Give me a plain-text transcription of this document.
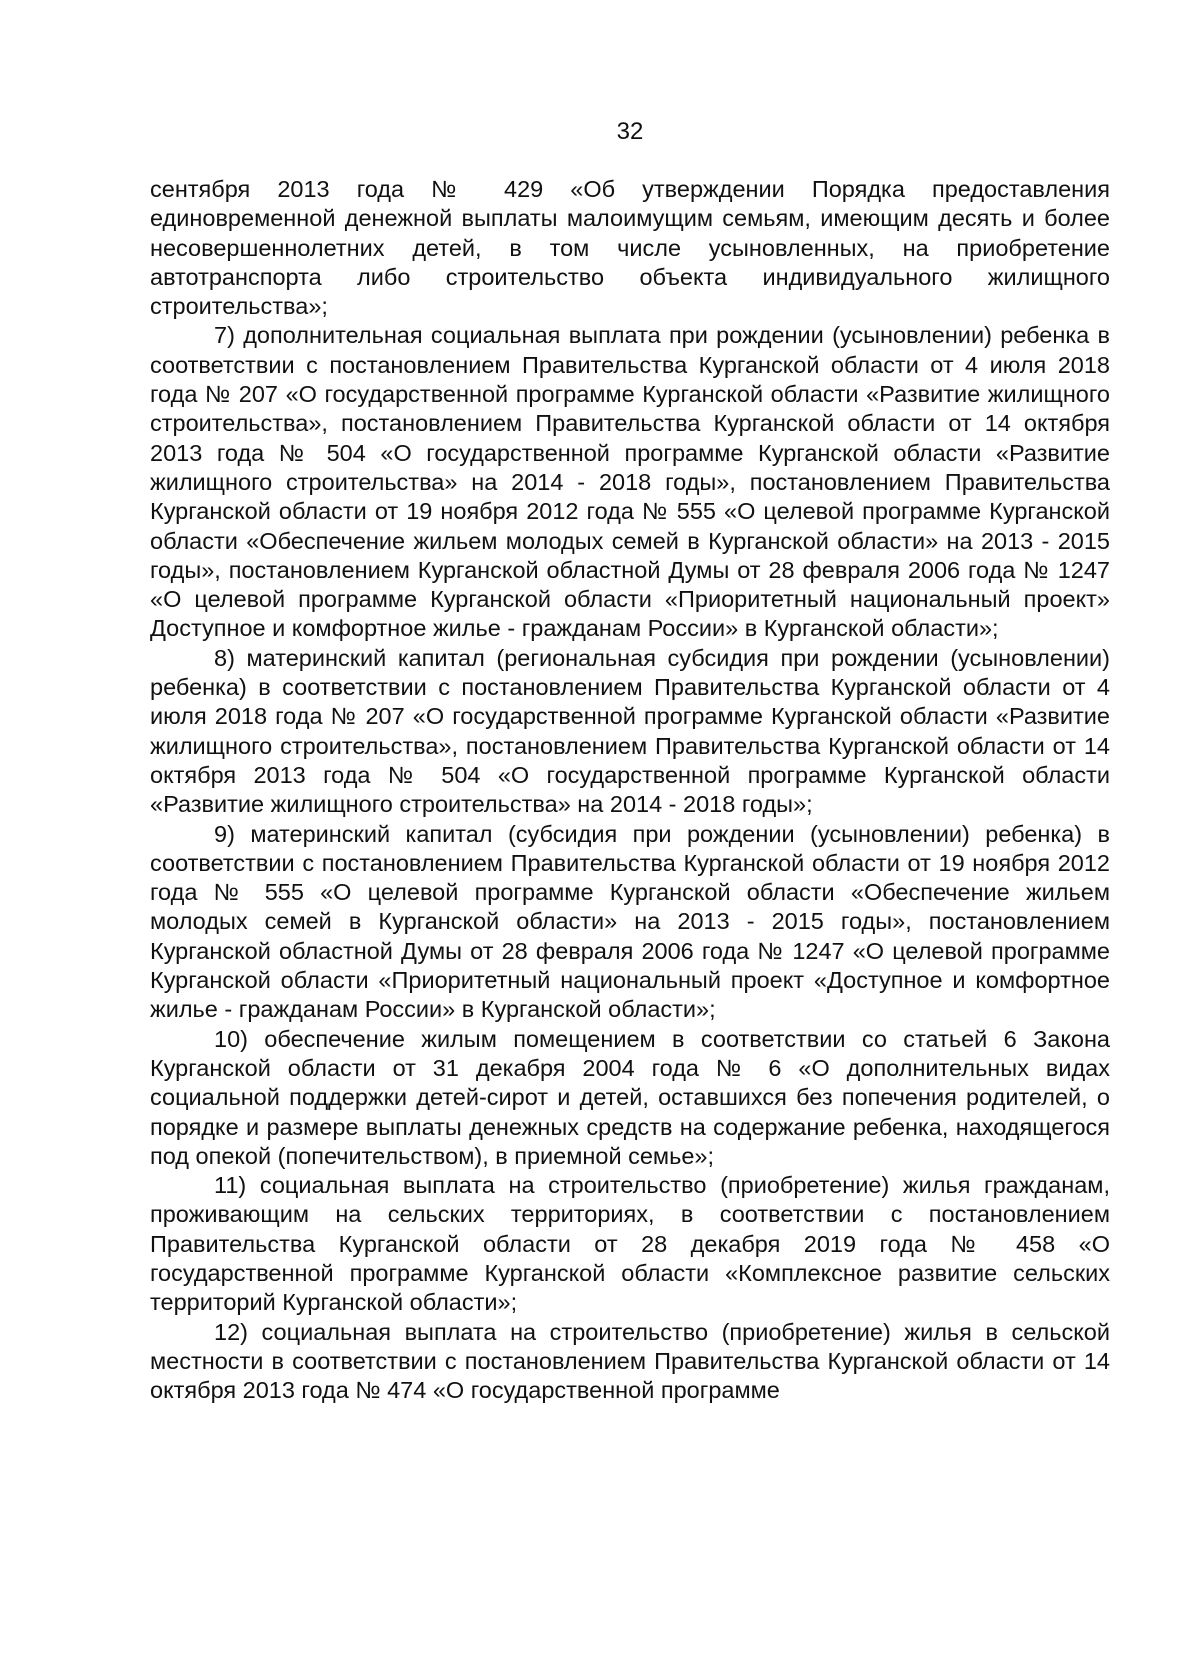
32

сентября 2013 года № 429 «Об утверждении Порядка предоставления единовременной денежной выплаты малоимущим семьям, имеющим десять и более несовершеннолетних детей, в том числе усыновленных, на приобретение автотранспорта либо строительство объекта индивидуального жилищного строительства»;

7) дополнительная социальная выплата при рождении (усыновлении) ребенка в соответствии с постановлением Правительства Курганской области от 4 июля 2018 года № 207 «О государственной программе Курганской области «Развитие жилищного строительства», постановлением Правительства Курганской области от 14 октября 2013 года № 504 «О государственной программе Курганской области «Развитие жилищного строительства» на 2014 - 2018 годы», постановлением Правительства Курганской области от 19 ноября 2012 года № 555 «О целевой программе Курганской области «Обеспечение жильем молодых семей в Курганской области» на 2013 - 2015 годы», постановлением Курганской областной Думы от 28 февраля 2006 года № 1247 «О целевой программе Курганской области «Приоритетный национальный проект» Доступное и комфортное жилье - гражданам России» в Курганской области»;

8) материнский капитал (региональная субсидия при рождении (усыновлении) ребенка) в соответствии с постановлением Правительства Курганской области от 4 июля 2018 года № 207 «О государственной программе Курганской области «Развитие жилищного строительства», постановлением Правительства Курганской области от 14 октября 2013 года № 504 «О государственной программе Курганской области «Развитие жилищного строительства» на 2014 - 2018 годы»;

9) материнский капитал (субсидия при рождении (усыновлении) ребенка) в соответствии с постановлением Правительства Курганской области от 19 ноября 2012 года № 555 «О целевой программе Курганской области «Обеспечение жильем молодых семей в Курганской области» на 2013 - 2015 годы», постановлением Курганской областной Думы от 28 февраля 2006 года № 1247 «О целевой программе Курганской области «Приоритетный национальный проект «Доступное и комфортное жилье - гражданам России» в Курганской области»;

10) обеспечение жилым помещением в соответствии со статьей 6 Закона Курганской области от 31 декабря 2004 года № 6 «О дополнительных видах социальной поддержки детей-сирот и детей, оставшихся без попечения родителей, о порядке и размере выплаты денежных средств на содержание ребенка, находящегося под опекой (попечительством), в приемной семье»;

11) социальная выплата на строительство (приобретение) жилья гражданам, проживающим на сельских территориях, в соответствии с постановлением Правительства Курганской области от 28 декабря 2019 года № 458 «О государственной программе Курганской области «Комплексное развитие сельских территорий Курганской области»;

12) социальная выплата на строительство (приобретение) жилья в сельской местности в соответствии с постановлением Правительства Курганской области от 14 октября 2013 года № 474 «О государственной программе
